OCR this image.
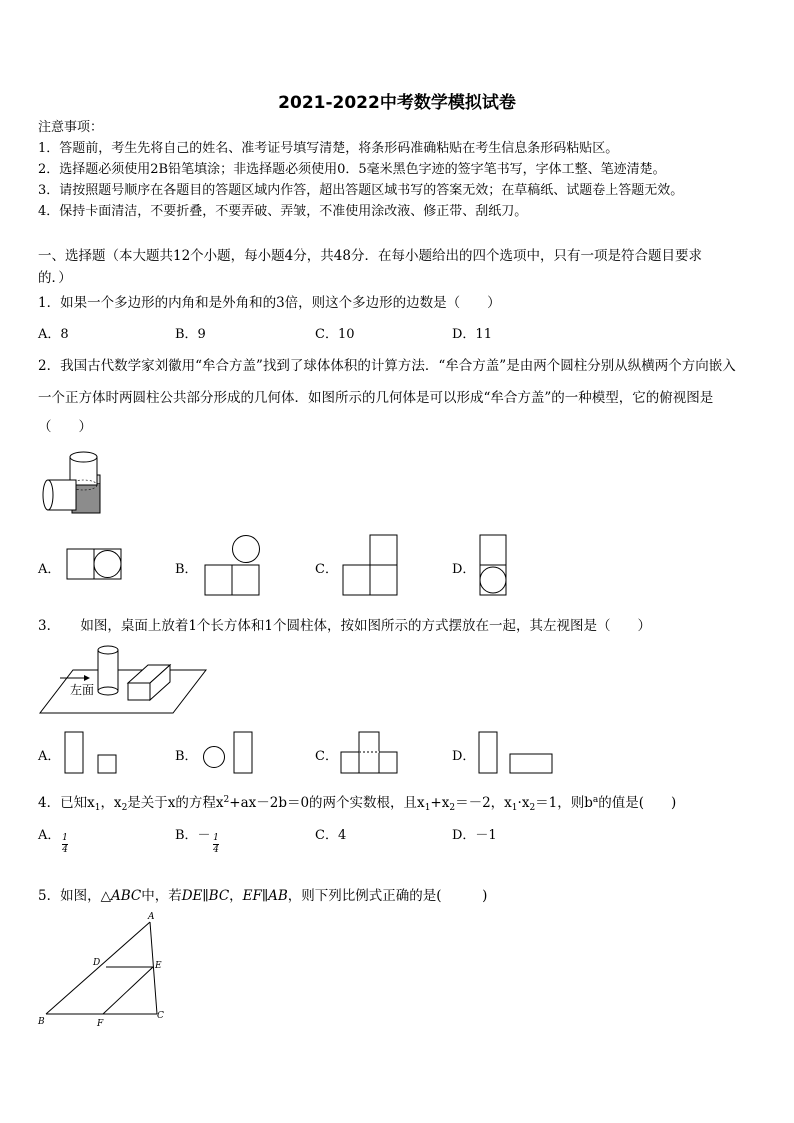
2021-2022中考数学模拟试卷
注意事项：
1．答题前，考生先将自己的姓名、准考证号填写清楚，将条形码准确粘贴在考生信息条形码粘贴区。
2．选择题必须使用2B铅笔填涂；非选择题必须使用0．5毫米黑色字迹的签字笔书写，字体工整、笔迹清楚。
3．请按照题号顺序在各题目的答题区域内作答，超出答题区域书写的答案无效；在草稿纸、试题卷上答题无效。
4．保持卡面清洁，不要折叠，不要弄破、弄皱，不准使用涂改液、修正带、刮纸刀。
一、选择题（本大题共12个小题，每小题4分，共48分．在每小题给出的四个选项中，只有一项是符合题目要求
的．）
1．如果一个多边形的内角和是外角和的3倍，则这个多边形的边数是（　　）
A．8	B．9	C．10	D．11
2．我国古代数学家刘徽用“牟合方盖”找到了球体体积的计算方法．“牟合方盖”是由两个圆柱分别从纵横两个方向嵌入
一个正方体时两圆柱公共部分形成的几何体．如图所示的几何体是可以形成“牟合方盖”的一种模型，它的俯视图是
（　　）
A．	B．	C．	D．
3．　　如图，桌面上放着1个长方体和1个圆柱体，按如图所示的方式摆放在一起，其左视图是（　　）
左面
A．	B．	C．	D．
4．已知$x_1$，$x_2$是关于x的方程$x^2+ax-2b=0$的两个实数根，且$x_1+x_2=-2$，$x_1\cdot x_2=1$，则$b^a$的值是(　　)
A． $\frac{1}{4}$	B．－ $\frac{1}{4}$	C．4	D．－1
5．如图，△ABC中，若DE∥BC，EF∥AB，则下列比例式正确的是(　　　)
A
B
C
D	E
F
